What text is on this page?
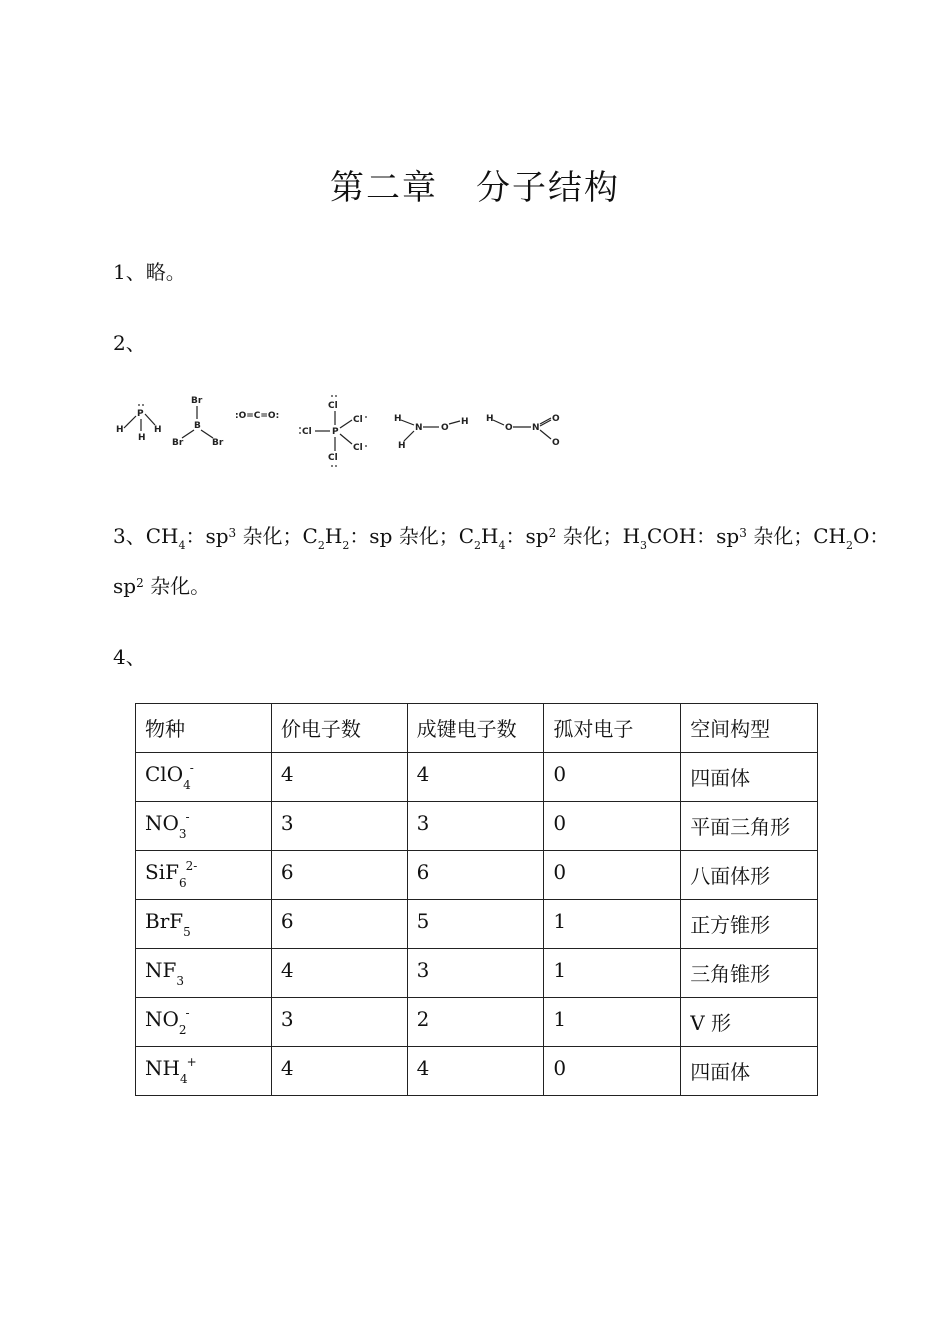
第二章 分子结构
1、略。
2、
H
P
H
H
Br
B
Br	Br
:O=C=O:
Cl
Cl P
Cl
Cl
Cl
H
N O
H
H
H
O N
O
O
3、$CH_4$：$sp^3$ 杂化；$C_2H_2$：sp 杂化；$C_2H_4$：$sp^2$ 杂化；$H_3COH$：$sp^3$ 杂化；$CH_2O$：
$sp^2$ 杂化。
4、
物种	价电子数	成键电子数	孤对电子	空间构型
ClO$_4$-	4	4	0	四面体
$NO_3^-$	3	3	0	平面三角形
SiF$_6^{2-}$	6	6	0	八面体形
BrF$_5$	6	5	1	正方锥形
$NF_3$	4	3	1	三角锥形
$NO_2^-$	3	2	1	V 形
$NH_4^+$	4	4	0	四面体
